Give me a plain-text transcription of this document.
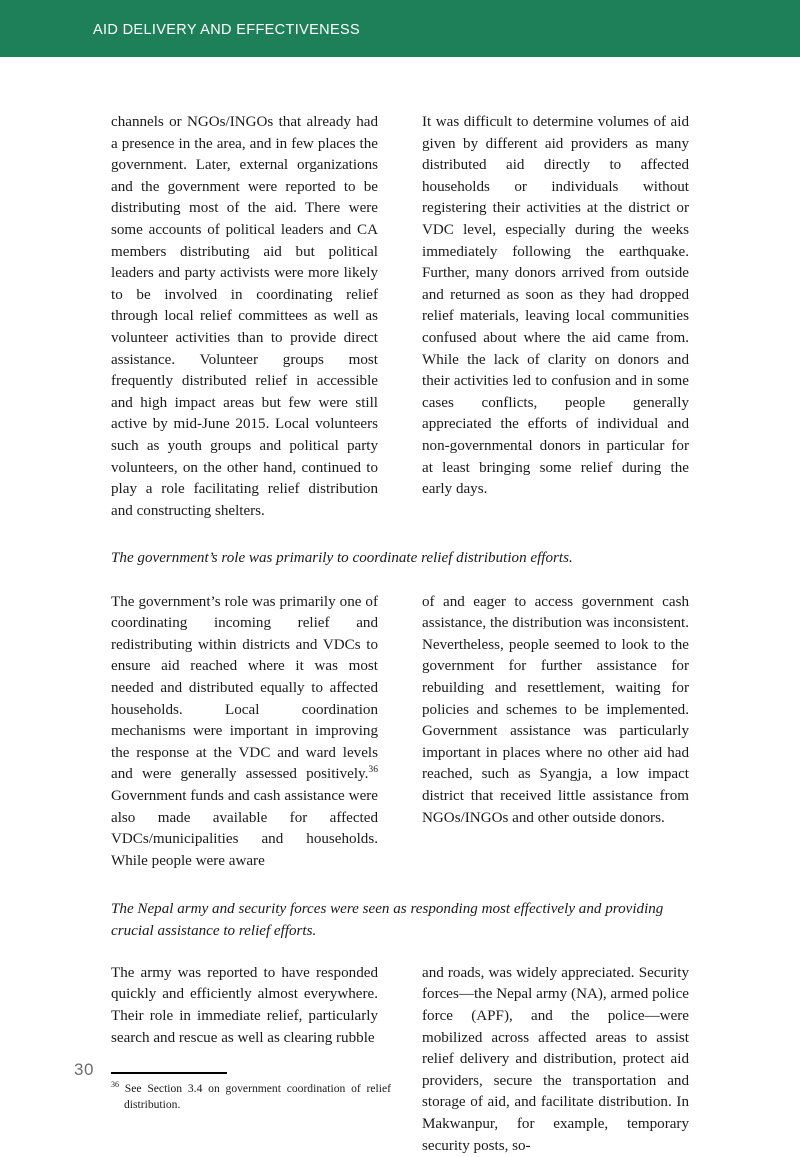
AID DELIVERY AND EFFECTIVENESS

channels or NGOs/INGOs that already had a presence in the area, and in few places the government. Later, external organizations and the government were reported to be distributing most of the aid. There were some accounts of political leaders and CA members distributing aid but political leaders and party activists were more likely to be involved in coordinating relief through local relief committees as well as volunteer activities than to provide direct assistance. Volunteer groups most frequently distributed relief in accessible and high impact areas but few were still active by mid-June 2015. Local volunteers such as youth groups and political party volunteers, on the other hand, continued to play a role facilitating relief distribution and constructing shelters.

It was difficult to determine volumes of aid given by different aid providers as many distributed aid directly to affected households or individuals without registering their activities at the district or VDC level, especially during the weeks immediately following the earthquake. Further, many donors arrived from outside and returned as soon as they had dropped relief materials, leaving local communities confused about where the aid came from. While the lack of clarity on donors and their activities led to confusion and in some cases conflicts, people generally appreciated the efforts of individual and non-governmental donors in particular for at least bringing some relief during the early days.

The government’s role was primarily to coordinate relief distribution efforts.

The government’s role was primarily one of coordinating incoming relief and redistributing within districts and VDCs to ensure aid reached where it was most needed and distributed equally to affected households. Local coordination mechanisms were important in improving the response at the VDC and ward levels and were generally assessed positively.$^{36}$ Government funds and cash assistance were also made available for affected VDCs/municipalities and households. While people were aware

of and eager to access government cash assistance, the distribution was inconsistent. Nevertheless, people seemed to look to the government for further assistance for rebuilding and resettlement, waiting for policies and schemes to be implemented. Government assistance was particularly important in places where no other aid had reached, such as Syangja, a low impact district that received little assistance from NGOs/INGOs and other outside donors.

The Nepal army and security forces were seen as responding most effectively and providing crucial assistance to relief efforts.

The army was reported to have responded quickly and efficiently almost everywhere. Their role in immediate relief, particularly search and rescue as well as clearing rubble

$^{36}$ See Section 3.4 on government coordination of relief distribution.

and roads, was widely appreciated. Security forces—the Nepal army (NA), armed police force (APF), and the police—were mobilized across affected areas to assist relief delivery and distribution, protect aid providers, secure the transportation and storage of aid, and facilitate distribution. In Makwanpur, for example, temporary security posts, so-

30
